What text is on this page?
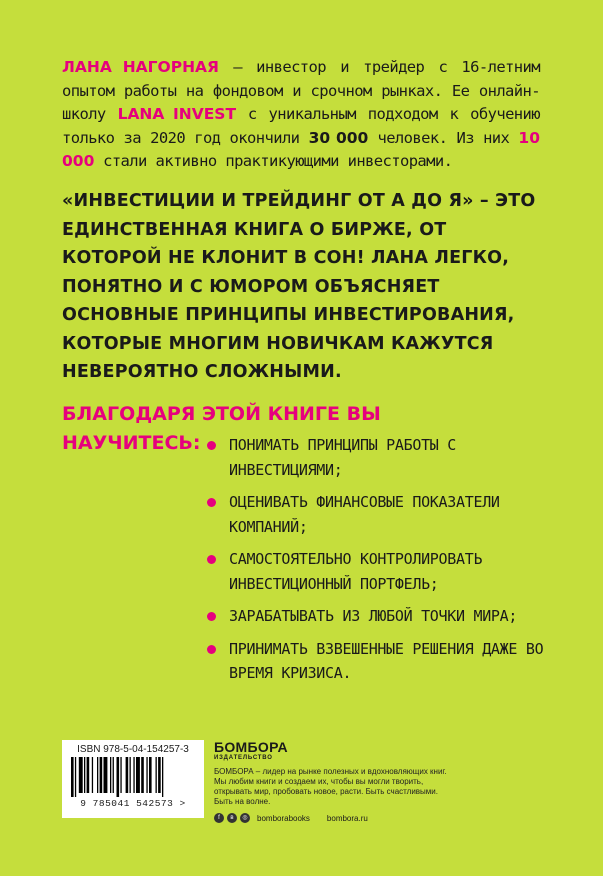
ЛАНА НАГОРНАЯ – инвестор и трейдер с 16-летним опытом работы на фондовом и срочном рынках. Ее онлайн-школу LANA INVEST с уникальным подходом к обучению только за 2020 год окончили 30 000 человек. Из них 10 000 стали активно практикующими инвесторами.
«ИНВЕСТИЦИИ И ТРЕЙДИНГ ОТ А ДО Я» – ЭТО ЕДИНСТВЕННАЯ КНИГА О БИРЖЕ, ОТ КОТОРОЙ НЕ КЛОНИТ В СОН! ЛАНА ЛЕГКО, ПОНЯТНО И С ЮМОРОМ ОБЪЯСНЯЕТ ОСНОВНЫЕ ПРИНЦИПЫ ИНВЕСТИРОВАНИЯ, КОТОРЫЕ МНОГИМ НОВИЧКАМ КАЖУТСЯ НЕВЕРОЯТНО СЛОЖНЫМИ.
БЛАГОДАРЯ ЭТОЙ КНИГЕ ВЫ
НАУЧИТЕСЬ:	ПОНИМАТЬ ПРИНЦИПЫ РАБОТЫ С ИНВЕСТИЦИЯМИ;
ОЦЕНИВАТЬ ФИНАНСОВЫЕ ПОКАЗАТЕЛИ КОМПАНИЙ;
САМОСТОЯТЕЛЬНО КОНТРОЛИРОВАТЬ ИНВЕСТИЦИОННЫЙ ПОРТФЕЛЬ;
ЗАРАБАТЫВАТЬ ИЗ ЛЮБОЙ ТОЧКИ МИРА;
ПРИНИМАТЬ ВЗВЕШЕННЫЕ РЕШЕНИЯ ДАЖЕ ВО ВРЕМЯ КРИЗИСА.
ISBN 978-5-04-154257-3
9 785041 542573 >
БОМБОРА
ИЗДАТЕЛЬСТВО
БОМБОРА – лидер на рынке полезных и вдохновляющих книг. Мы любим книги и создаем их, чтобы вы могли творить, открывать мир, пробовать новое, расти. Быть счастливыми. Быть на волне.
f	в	◎ bomborabooks bombora.ru
